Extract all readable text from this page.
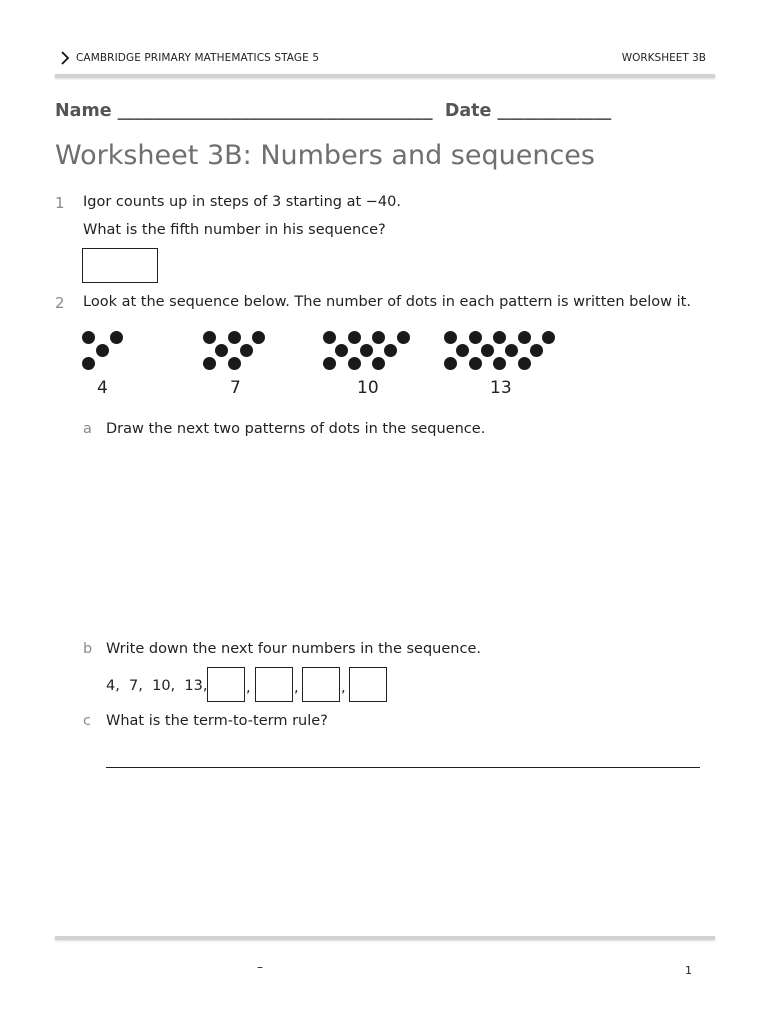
CAMBRIDGE PRIMARY MATHEMATICS STAGE 5	WORKSHEET 3B
Name ____________________________________  Date _____________
Worksheet 3B: Numbers and sequences
1 Igor counts up in steps of 3 starting at −40.
What is the fifth number in his sequence?
2 Look at the sequence below. The number of dots in each pattern is written below it.
4	7	10	13
a Draw the next two patterns of dots in the sequence.
b Write down the next four numbers in the sequence.
4,  7,  10,  13,	,	,	,
c What is the term-to-term rule?
–	1
